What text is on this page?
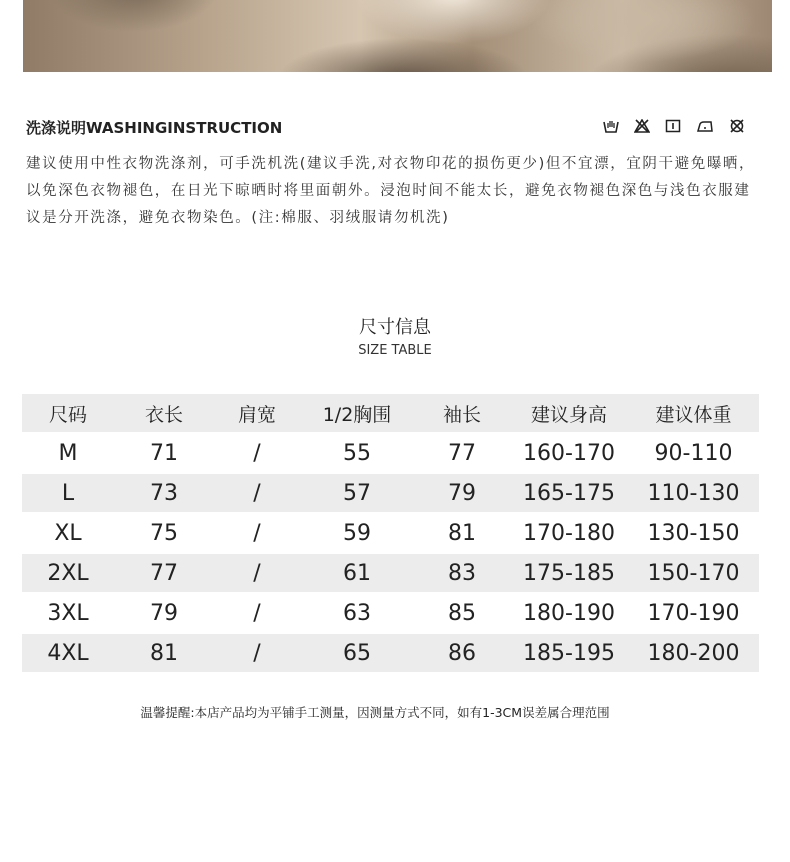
洗涤说明WASHINGINSTRUCTION
建议使用中性衣物洗涤剂，可手洗机洗(建议手洗,对衣物印花的损伤更少)但不宜漂，宜阴干避免曝晒，以免深色衣物褪色，在日光下晾晒时将里面朝外。浸泡时间不能太长，避免衣物褪色深色与浅色衣服建议是分开洗涤，避免衣物染色。(注:棉服、羽绒服请勿机洗)
尺寸信息
SIZE TABLE
尺码	衣长	肩宽	1/2胸围	袖长	建议身高	建议体重
M	71	/	55	77	160-170	90-110
L	73	/	57	79	165-175	110-130
XL	75	/	59	81	170-180	130-150
2XL	77	/	61	83	175-185	150-170
3XL	79	/	63	85	180-190	170-190
4XL	81	/	65	86	185-195	180-200
温馨提醒:本店产品均为平铺手工测量，因测量方式不同，如有1-3CM误差属合理范围
